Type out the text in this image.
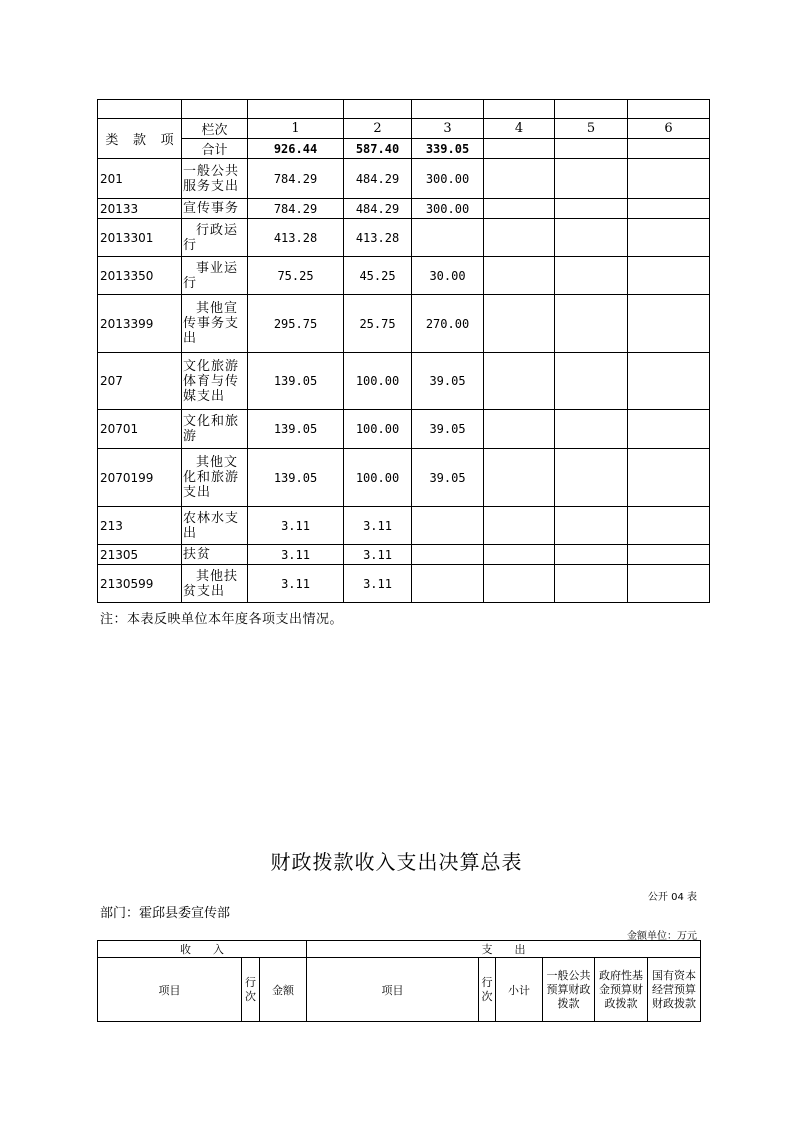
类 款 项	栏次	1	2	3	4	5	6
	合计	926.44	587.40	339.05			
201	一般公共服务支出	784.29	484.29	300.00			
20133	宣传事务	784.29	484.29	300.00			
2013301	行政运行	413.28	413.28				
2013350	事业运行	75.25	45.25	30.00			
2013399	其他宣传事务支出	295.75	25.75	270.00			
207	文化旅游体育与传媒支出	139.05	100.00	39.05			
20701	文化和旅游	139.05	100.00	39.05			
2070199	其他文化和旅游支出	139.05	100.00	39.05			
213	农林水支出	3.11	3.11				
21305	扶贫	3.11	3.11				
2130599	其他扶贫支出	3.11	3.11				
注：本表反映单位本年度各项支出情况。
财政拨款收入支出决算总表
公开 04 表
部门：霍邱县委宣传部
金额单位：万元
收　　入			支　　出					
项目	行次	金额	项目	行次	小计	一般公共预算财政拨款	政府性基金预算财政拨款	国有资本经营预算财政拨款
